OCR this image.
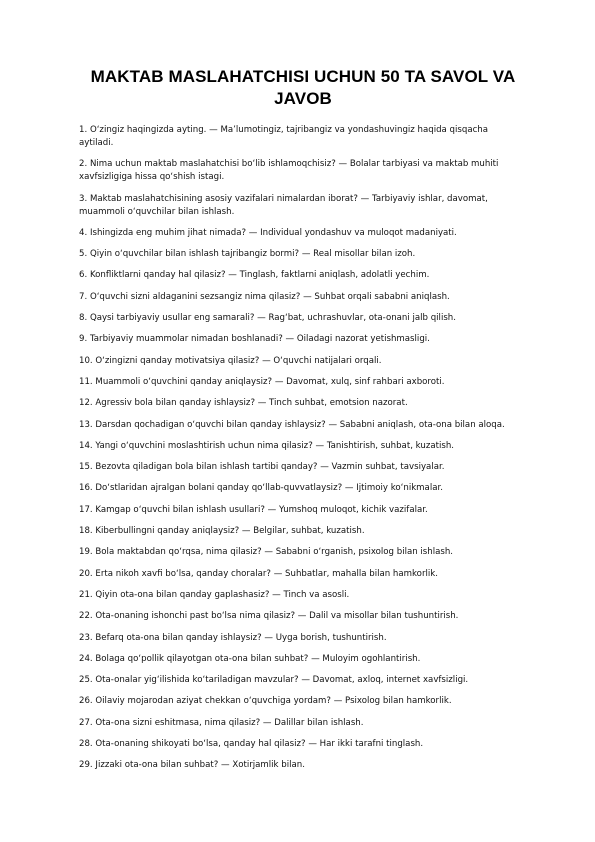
MAKTAB MASLAHATCHISI UCHUN 50 TA SAVOL VA JAVOB
1. O‘zingiz haqingizda ayting. — Ma’lumotingiz, tajribangiz va yondashuvingiz haqida qisqacha aytiladi.
2. Nima uchun maktab maslahatchisi bo‘lib ishlamoqchisiz? — Bolalar tarbiyasi va maktab muhiti xavfsizligiga hissa qo‘shish istagi.
3. Maktab maslahatchisining asosiy vazifalari nimalardan iborat? — Tarbiyaviy ishlar, davomat, muammoli o‘quvchilar bilan ishlash.
4.
Ishingizda eng muhim jihat nimada? — Individual yondashuv va muloqot madaniyati.
5.
Qiyin o‘quvchilar bilan ishlash tajribangiz bormi? — Real misollar bilan izoh.
6.
Konfliktlarni qanday hal qilasiz? — Tinglash, faktlarni aniqlash, adolatli yechim.
7.
O‘quvchi sizni aldaganini sezsangiz nima qilasiz? — Suhbat orqali sababni aniqlash.
8.
Qaysi tarbiyaviy usullar eng samarali? — Rag‘bat, uchrashuvlar, ota-onani jalb qilish.
9.
Tarbiyaviy muammolar nimadan boshlanadi? — Oiladagi nazorat yetishmasligi.
10.
O‘zingizni qanday motivatsiya qilasiz? — O‘quvchi natijalari orqali.
11.
Muammoli o‘quvchini qanday aniqlaysiz? — Davomat, xulq, sinf rahbari axboroti.
12.
Agressiv bola bilan qanday ishlaysiz? — Tinch suhbat, emotsion nazorat.
13.
Darsdan qochadigan o‘quvchi bilan qanday ishlaysiz? — Sababni aniqlash, ota-ona bilan aloqa.
14.
Yangi o‘quvchini moslashtirish uchun nima qilasiz? — Tanishtirish, suhbat, kuzatish.
15.
Bezovta qiladigan bola bilan ishlash tartibi qanday? — Vazmin suhbat, tavsiyalar.
16.
Do‘stlaridan ajralgan bolani qanday qo‘llab-quvvatlaysiz? — Ijtimoiy ko‘nikmalar.
17.
Kamgap o‘quvchi bilan ishlash usullari? — Yumshoq muloqot, kichik vazifalar.
18.
Kiberbullingni qanday aniqlaysiz? — Belgilar, suhbat, kuzatish.
19.
Bola maktabdan qo‘rqsa, nima qilasiz? — Sababni o‘rganish, psixolog bilan ishlash.
20.
Erta nikoh xavfi bo‘lsa, qanday choralar? — Suhbatlar, mahalla bilan hamkorlik.
21.
Qiyin ota-ona bilan qanday gaplashasiz? — Tinch va asosli.
22.
Ota-onaning ishonchi past bo‘lsa nima qilasiz? — Dalil va misollar bilan tushuntirish.
23.
Befarq ota-ona bilan qanday ishlaysiz? — Uyga borish, tushuntirish.
24.
Bolaga qo‘pollik qilayotgan ota-ona bilan suhbat? — Muloyim ogohlantirish.
25.
Ota-onalar yig‘ilishida ko‘tariladigan mavzular? — Davomat, axloq, internet xavfsizligi.
26.
Oilaviy mojarodan aziyat chekkan o‘quvchiga yordam? — Psixolog bilan hamkorlik.
27.
Ota-ona sizni eshitmasa, nima qilasiz? — Dalillar bilan ishlash.
28.
Ota-onaning shikoyati bo‘lsa, qanday hal qilasiz? — Har ikki tarafni tinglash.
29.
Jizzaki ota-ona bilan suhbat? — Xotirjamlik bilan.
